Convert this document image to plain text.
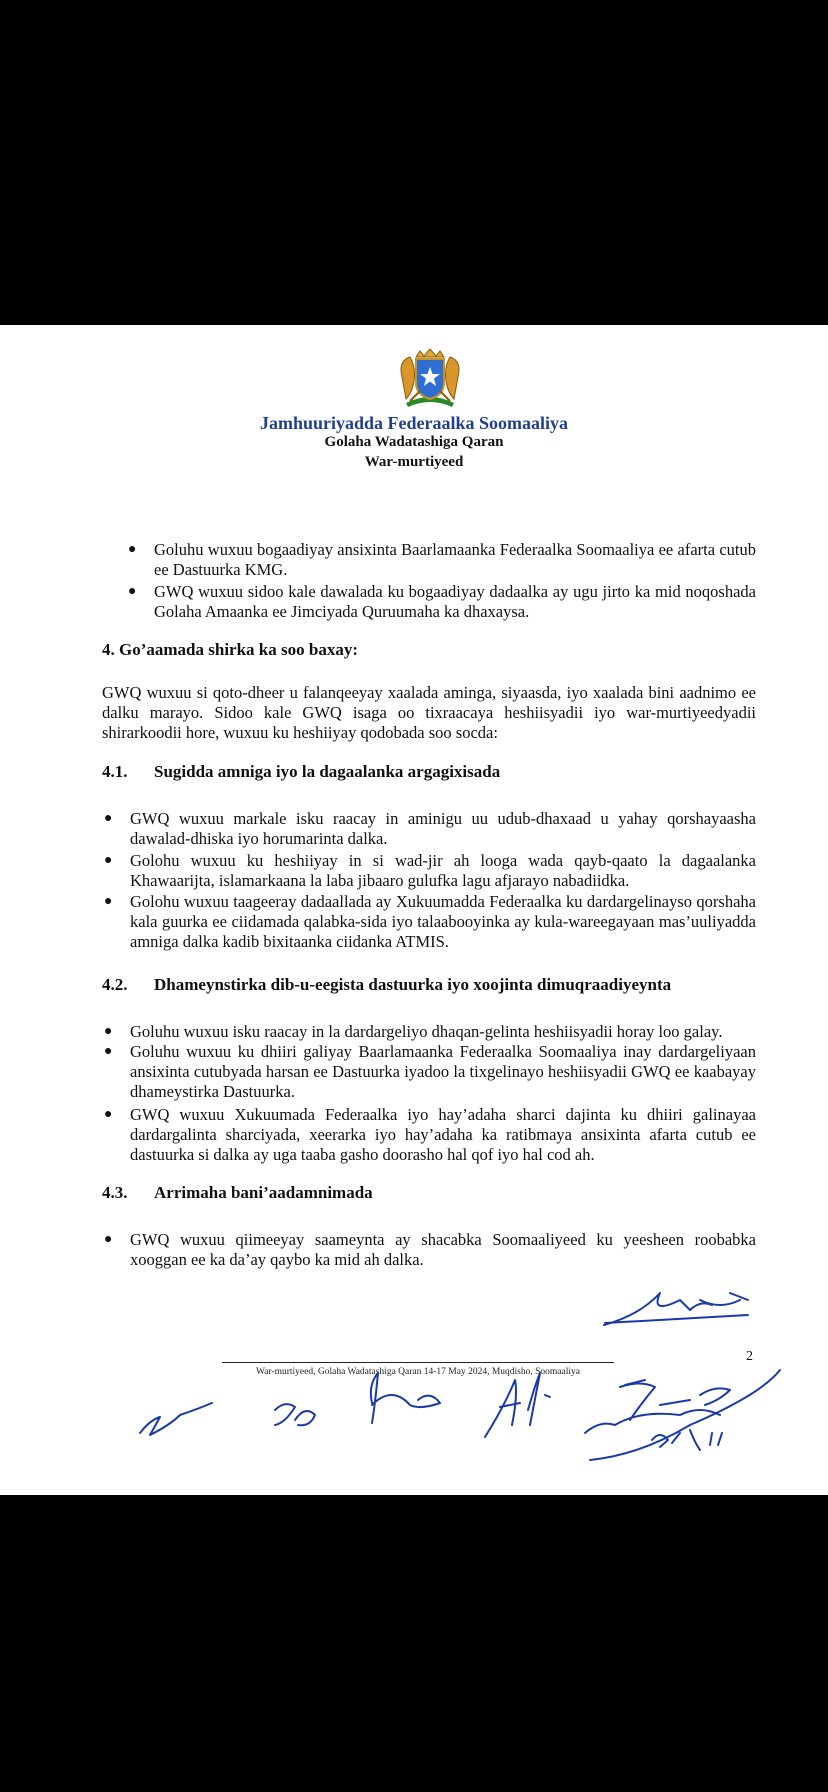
Jamhuuriyadda Federaalka Soomaaliya
Golaha Wadatashiga Qaran
War-murtiyeed
● Goluhu wuxuu bogaadiyay ansixinta Baarlamaanka Federaalka Soomaaliya ee afarta cutub ee Dastuurka KMG.
● GWQ wuxuu sidoo kale dawalada ku bogaadiyay dadaalka ay ugu jirto ka mid noqoshada Golaha Amaanka ee Jimciyada Quruumaha ka dhaxaysa.
4. Go’aamada shirka ka soo baxay:
GWQ wuxuu si qoto-dheer u falanqeeyay xaalada aminga, siyaasda, iyo xaalada bini aadnimo ee dalku marayo. Sidoo kale GWQ isaga oo tixraacaya heshiisyadii iyo war-murtiyeedyadii shirarkoodii hore, wuxuu ku heshiiyay qodobada soo socda:
4.1. Sugidda amniga iyo la dagaalanka argagixisada
● GWQ wuxuu markale isku raacay in aminigu uu udub-dhaxaad u yahay qorshayaasha dawalad-dhiska iyo horumarinta dalka.
● Golohu wuxuu ku heshiiyay in si wad-jir ah looga wada qayb-qaato la dagaalanka Khawaarijta, islamarkaana la laba jibaaro gulufka lagu afjarayo nabadiidka.
● Golohu wuxuu taageeray dadaallada ay Xukuumadda Federaalka ku dardargelinayso qorshaha kala guurka ee ciidamada qalabka-sida iyo talaabooyinka ay kula-wareegayaan mas’uuliyadda amniga dalka kadib bixitaanka ciidanka ATMIS.
4.2. Dhameynstirka dib-u-eegista dastuurka iyo xoojinta dimuqraadiyeynta
● Goluhu wuxuu isku raacay in la dardargeliyo dhaqan-gelinta heshiisyadii horay loo galay.
● Goluhu wuxuu ku dhiiri galiyay Baarlamaanka Federaalka Soomaaliya inay dardargeliyaan ansixinta cutubyada harsan ee Dastuurka iyadoo la tixgelinayo heshiisyadii GWQ ee kaabayay dhameystirka Dastuurka.
● GWQ wuxuu Xukuumada Federaalka iyo hay’adaha sharci dajinta ku dhiiri galinayaa dardargalinta sharciyada, xeerarka iyo hay’adaha ka ratibmaya ansixinta afarta cutub ee dastuurka si dalka ay uga taaba gasho doorasho hal qof iyo hal cod ah.
4.3. Arrimaha bani’aadamnimada
● GWQ wuxuu qiimeeyay saameynta ay shacabka Soomaaliyeed ku yeesheen roobabka xooggan ee ka da’ay qaybo ka mid ah dalka.
2
War-murtiyeed, Golaha Wadatashiga Qaran 14-17 May 2024, Muqdisho, Soomaaliya
